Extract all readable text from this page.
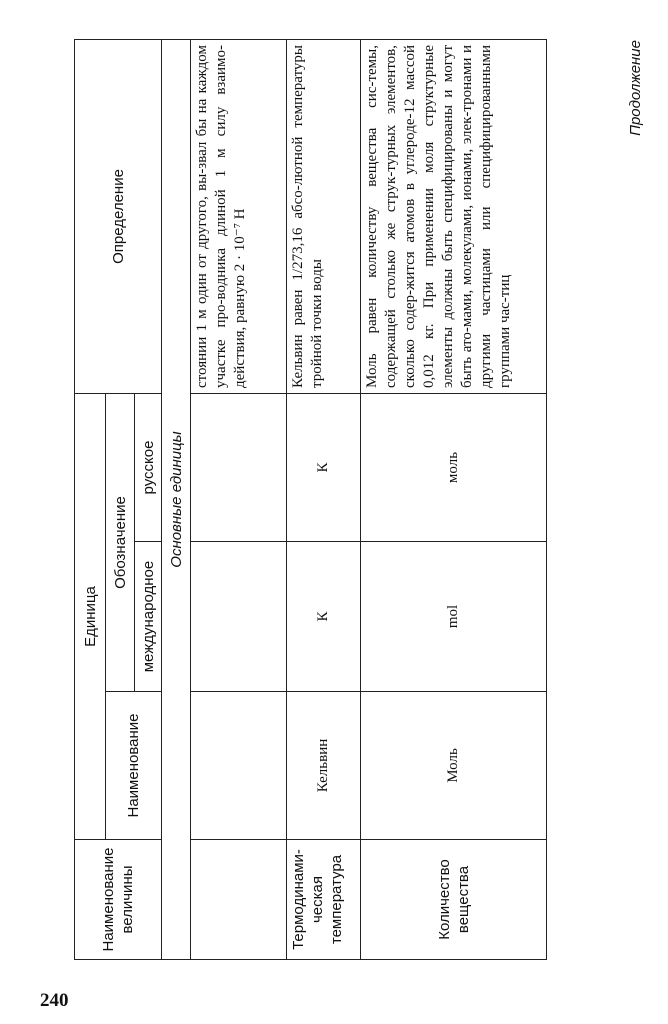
240
Продолжение
Наименование величины	Единица			Определение
	Наименование	Обозначение		
		международное	русское	
Основные единицы				
				стоянии 1 м один от другого, вы-звал бы на каждом участке про-водника длиной 1 м силу взаимо-действия, равную 2 · 10⁻⁷ Н
Термодинами-ческая температура	Кельвин	К	К	Кельвин равен 1/273,16 абсо-лютной температуры тройной точки воды
Количество вещества	Моль	mol	моль	Моль равен количеству вещества сис-темы, содержащей столько же струк-турных элементов, сколько содер-жится атомов в углероде-12 массой 0,012 кг. При применении моля структурные элементы должны быть специфицированы и могут быть ато-мами, молекулами, ионами, элек-тронами и другими частицами или специфицированными группами час-тиц
